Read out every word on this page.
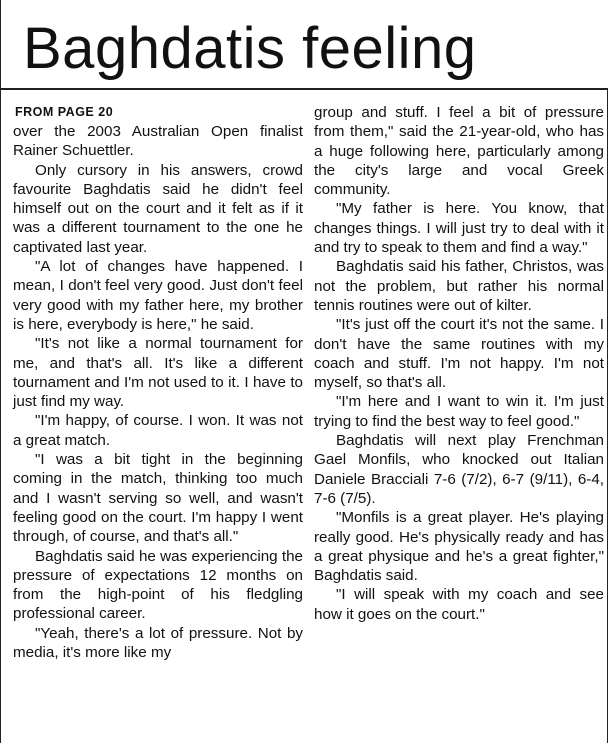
Baghdatis feeling
FROM PAGE 20

over the 2003 Australian Open finalist Rainer Schuettler.

Only cursory in his answers, crowd favourite Baghdatis said he didn't feel himself out on the court and it felt as if it was a different tournament to the one he captivated last year.

"A lot of changes have happened. I mean, I don't feel very good. Just don't feel very good with my father here, my brother is here, everybody is here," he said.

"It's not like a normal tournament for me, and that's all. It's like a different tournament and I'm not used to it. I have to just find my way.

"I'm happy, of course. I won. It was not a great match.

"I was a bit tight in the beginning coming in the match, thinking too much and I wasn't serving so well, and wasn't feeling good on the court. I'm happy I went through, of course, and that's all."

Baghdatis said he was experiencing the pressure of expectations 12 months on from the high-point of his fledgling professional career.

"Yeah, there's a lot of pressure. Not by media, it's more like my

group and stuff. I feel a bit of pressure from them," said the 21-year-old, who has a huge following here, particularly among the city's large and vocal Greek community.

"My father is here. You know, that changes things. I will just try to deal with it and try to speak to them and find a way."

Baghdatis said his father, Christos, was not the problem, but rather his normal tennis routines were out of kilter.

"It's just off the court it's not the same. I don't have the same routines with my coach and stuff. I'm not happy. I'm not myself, so that's all.

"I'm here and I want to win it. I'm just trying to find the best way to feel good."

Baghdatis will next play Frenchman Gael Monfils, who knocked out Italian Daniele Bracciali 7-6 (7/2), 6-7 (9/11), 6-4, 7-6 (7/5).

"Monfils is a great player. He's playing really good. He's physically ready and has a great physique and he's a great fighter," Baghdatis said.

"I will speak with my coach and see how it goes on the court."
